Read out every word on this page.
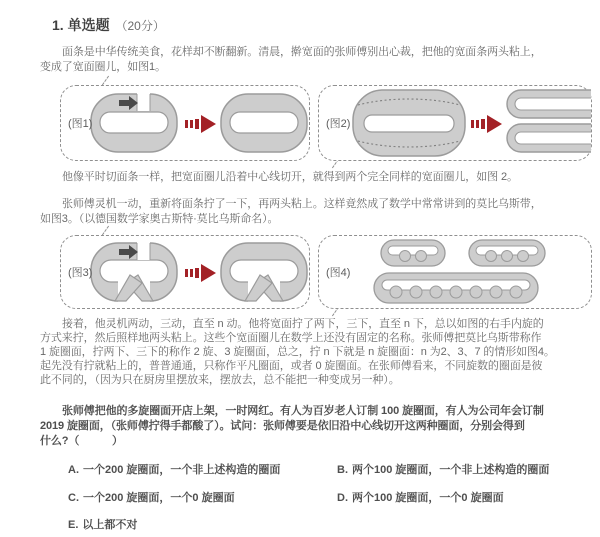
1. 单选题 （20分）
面条是中华传统美食，花样却不断翻新。清晨，擀宽面的张师傅别出心裁，把他的宽面条两头粘上，
变成了宽面圈儿，如图1。
(图1)	(图2)
他像平时切面条一样，把宽面圈儿沿着中心线切开，就得到两个完全同样的宽面圈儿，如图 2。
张师傅灵机一动，重新将面条拧了一下，再两头粘上。这样竟然成了数学中常常讲到的莫比乌斯带，
如图3。（以德国数学家奥古斯特·莫比乌斯命名）。
(图3)	(图4)
接着，他灵机两动，三动，直至 n 动。他将宽面拧了两下，三下，直至 n 下，总以如图的右手内旋的
方式来拧，然后照样地两头粘上。这些个宽面圈儿在数学上还没有固定的名称。张师傅把莫比乌斯带称作
1 旋圈面，拧两下、三下的称作 2 旋、3 旋圈面，总之，拧 n 下就是 n 旋圈面：n 为2、3、7 的情形如图4。
起先没有拧就粘上的，普普通通，只称作平凡圈面，或者 0 旋圈面。在张师傅看来，不同旋数的圈面是彼
此不同的，（因为只在厨房里摆放来，摆放去，总不能把一种变成另一种）。
张师傅把他的多旋圈面开店上架，一时网红。有人为百岁老人订制 100 旋圈面，有人为公司年会订制
2019 旋圈面，（张师傅拧得手都酸了）。试问：张师傅要是依旧沿中心线切开这两种圈面，分别会得到
什么?（　　　）
A. 一个200 旋圈面，一个非上述构造的圈面	B. 两个100 旋圈面，一个非上述构造的圈面
C. 一个200 旋圈面，一个0 旋圈面	D. 两个100 旋圈面，一个0 旋圈面
E. 以上都不对
